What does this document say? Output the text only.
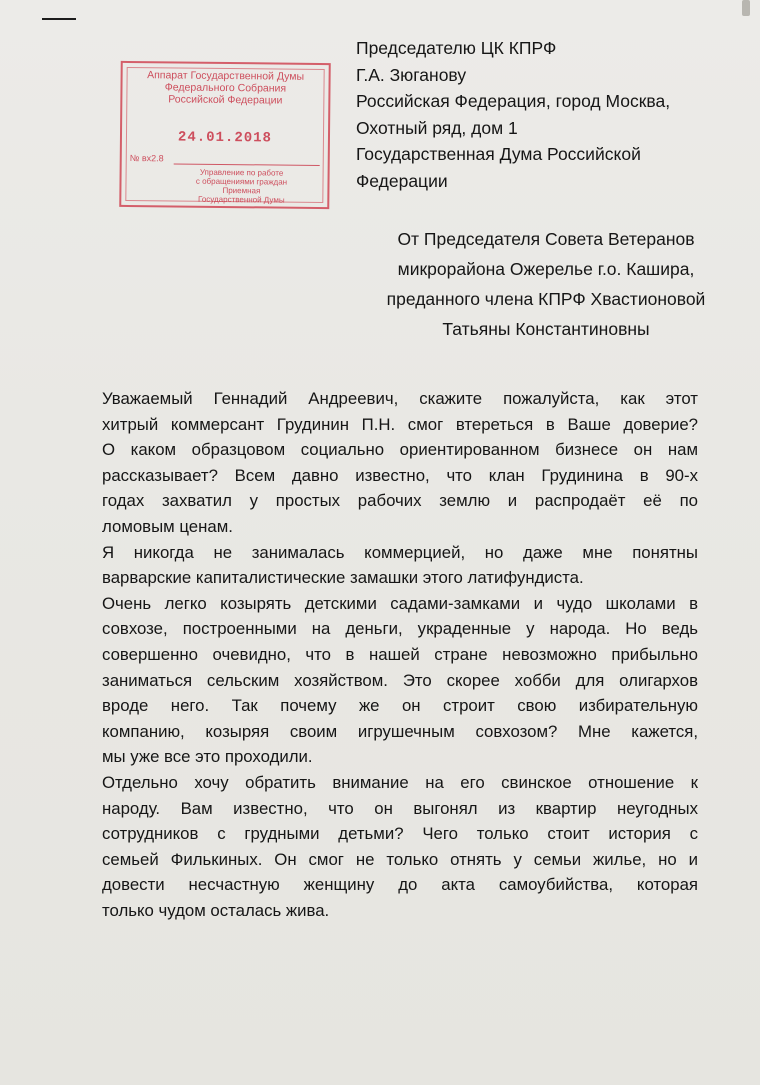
Аппарат Государственной Думы
Федерального Собрания
Российской Федерации
24.01.2018
№ вх2.8
Управление по работе
с обращениями граждан
Приемная
Государственной Думы
Председателю ЦК КПРФ
Г.А. Зюганову
Российская Федерация, город Москва,
Охотный ряд, дом 1
Государственная Дума Российской
Федерации
От Председателя Совета Ветеранов
микрорайона Ожерелье г.о. Кашира,
преданного члена КПРФ Хвастионовой
Татьяны Константиновны
Уважаемый Геннадий Андреевич, скажите пожалуйста, как этот
хитрый коммерсант Грудинин П.Н. смог втереться в Ваше доверие?
О каком образцовом социально ориентированном бизнесе он нам
рассказывает? Всем давно известно, что клан Грудинина в 90-х
годах захватил у простых рабочих землю и распродаёт её по
ломовым ценам.
Я никогда не занималась коммерцией, но даже мне понятны
варварские капиталистические замашки этого латифундиста.
Очень легко козырять детскими садами-замками и чудо школами в
совхозе, построенными на деньги, украденные у народа. Но ведь
совершенно очевидно, что в нашей стране невозможно прибыльно
заниматься сельским хозяйством. Это скорее хобби для олигархов
вроде него. Так почему же он строит свою избирательную
компанию, козыряя своим игрушечным совхозом? Мне кажется,
мы уже все это проходили.
Отдельно хочу обратить внимание на его свинское отношение к
народу. Вам известно, что он выгонял из квартир неугодных
сотрудников с грудными детьми? Чего только стоит история с
семьей Филькиных. Он смог не только отнять у семьи жилье, но и
довести несчастную женщину до акта самоубийства, которая
только чудом осталась жива.
